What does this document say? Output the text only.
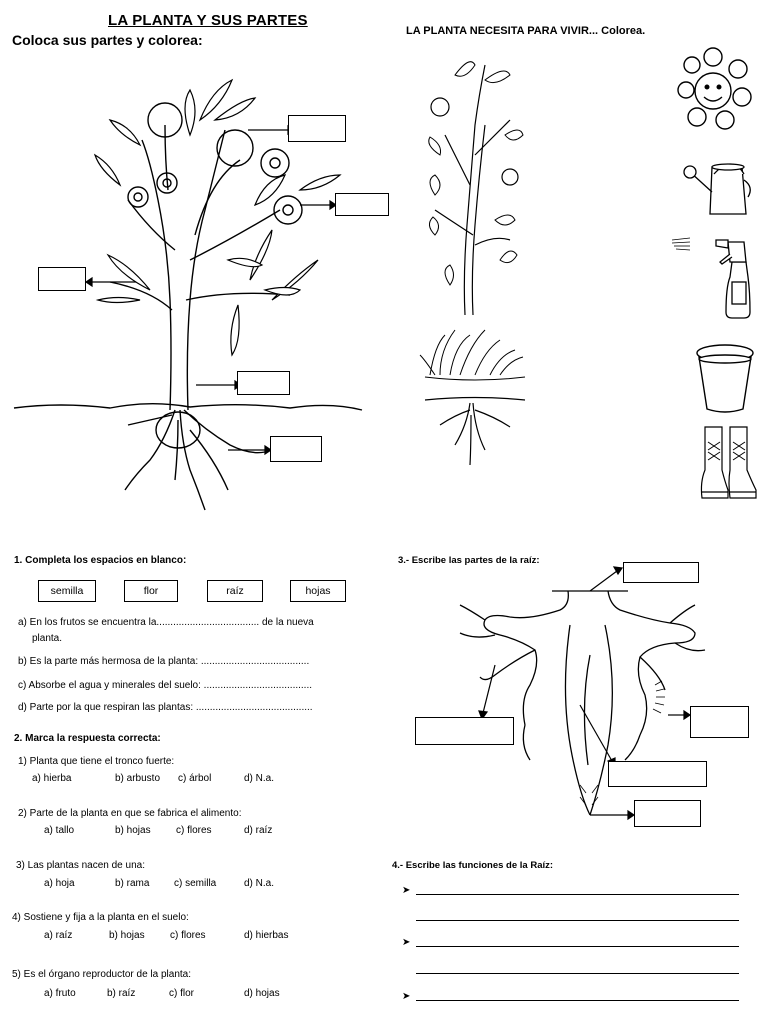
LA PLANTA Y SUS PARTES
Coloca sus partes y colorea:
LA PLANTA NECESITA PARA VIVIR... Colorea.
1. Completa los espacios en blanco:
semilla	flor	raíz	hojas
a) En los frutos se encuentra la..................................... de la nueva
planta.
b) Es la parte más hermosa de la planta: .......................................
c) Absorbe el agua y minerales del suelo: .......................................
d) Parte por la que respiran las plantas: ..........................................
2. Marca la respuesta correcta:
1) Planta que tiene el tronco fuerte:
a) hierba	b) arbusto c) árbol	d) N.a.
2) Parte de la planta en que se fabrica el alimento:
a) tallo	b) hojas	c) flores	d) raíz
3) Las plantas nacen de una:
a) hoja	b) rama c) semilla	d) N.a.
4) Sostiene y fija a la planta en el suelo:
a) raíz	b) hojas	c) flores	d) hierbas
5) Es el órgano reproductor de la planta:
a) fruto	b) raíz	c) flor	d) hojas
3.- Escribe las partes de la raíz:
4.- Escribe las funciones de la Raíz:
➤
➤
➤
